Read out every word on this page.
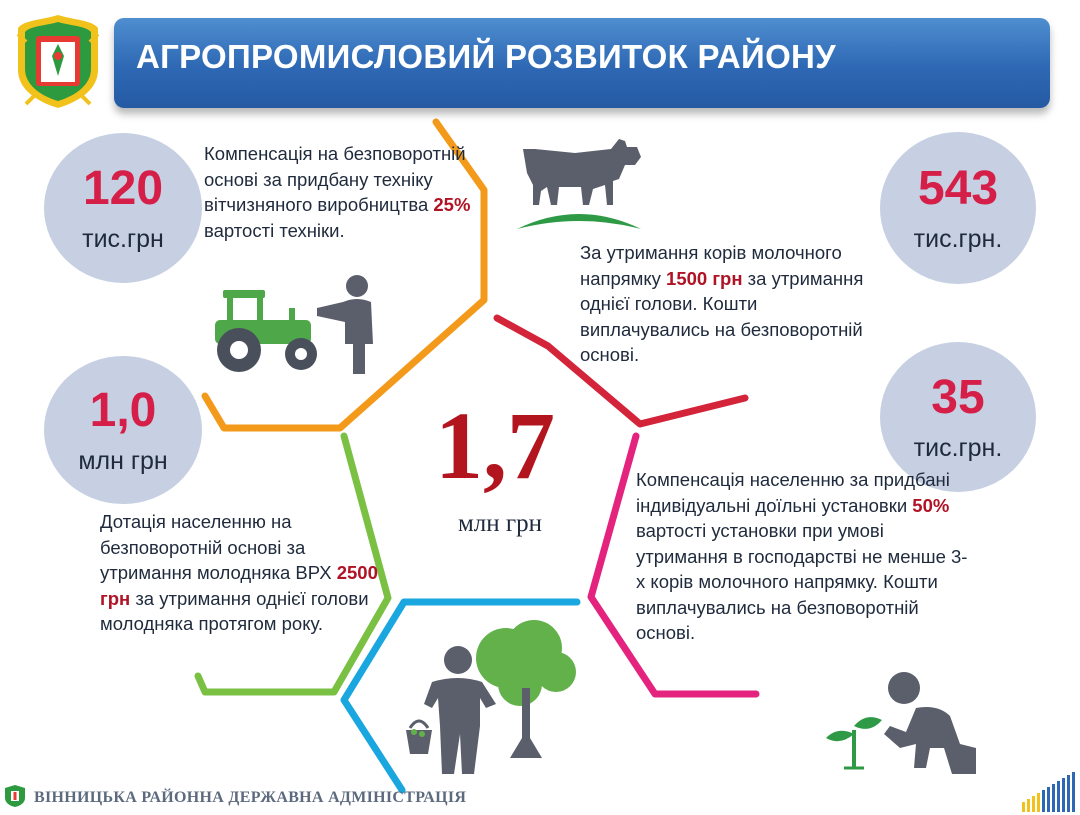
АГРОПРОМИСЛОВИЙ РОЗВИТОК РАЙОНУ
120
тис.грн
1,0
млн грн
543
тис.грн.
35
тис.грн.
Компенсація на безповоротній основі за придбану техніку вітчизняного виробництва 25% вартості техніки.
За утримання корів молочного напрямку 1500 грн за утримання однієї голови. Кошти виплачувались на безповоротній основі.
Дотація населенню на безповоротній основі за утримання молодняка ВРХ 2500 грн за утримання однієї голови молодняка протягом року.
Компенсація населенню за придбані індивідуальні доїльні установки 50% вартості установки при умові утримання в господарстві не менше 3-х корів молочного напрямку. Кошти виплачувались на безповоротній основі.
1,7
млн грн
ВІННИЦЬКА РАЙОННА ДЕРЖАВНА АДМІНІСТРАЦІЯ
